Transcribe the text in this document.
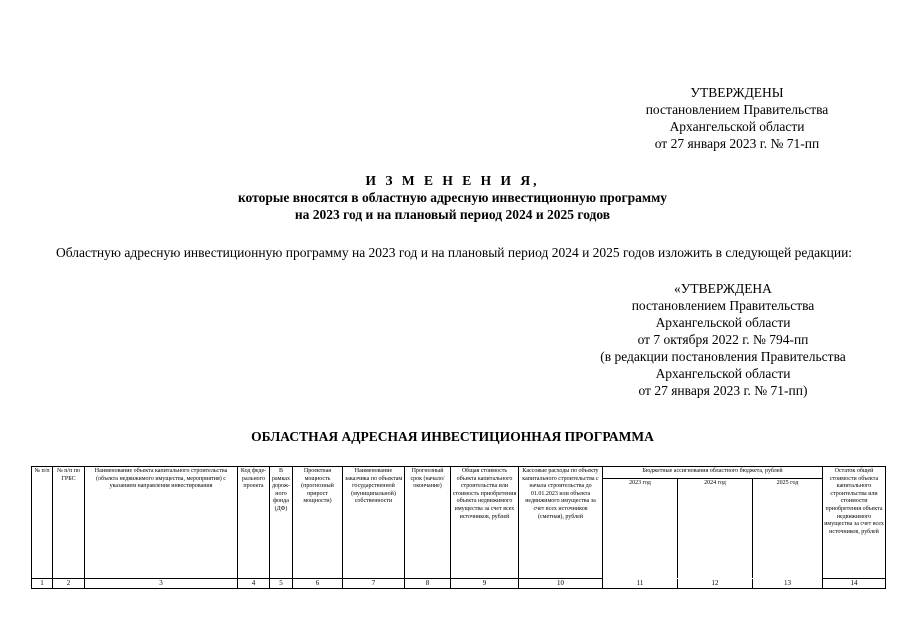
УТВЕРЖДЕНЫ
постановлением Правительства
Архангельской области
от 27 января 2023 г. № 71-пп
И З М Е Н Е Н И Я,
которые вносятся в областную адресную инвестиционную программу
на 2023 год и на плановый период 2024 и 2025 годов

Областную адресную инвестиционную программу на 2023 год и на плановый период 2024 и 2025 годов изложить в следующей редакции:

«УТВЕРЖДЕНА
постановлением Правительства
Архангельской области
от 7 октября 2022 г. № 794-пп
(в редакции постановления Правительства
Архангельской области
от 27 января 2023 г. № 71-пп)
ОБЛАСТНАЯ АДРЕСНАЯ ИНВЕСТИЦИОННАЯ ПРОГРАММА
№ п/п	№ п/п по ГРБС	Наименование объекта капитального строительства (объекта недвижимого имущества, мероприятия) с указанием направления инвестирования	Код феде-рального проекта	В рамках дорож-ного фонда (ДФ)	Проектная мощность (прогнозный прирост мощности)	Наименование заказчика по объектам государственной (муниципальной) собственности	Прогнозный срок (начало/окончание)	Общая стоимость объекта капитального строительства или стоимость приобретения объекта недвижимого имущества за счет всех источников, рублей	Кассовые расходы по объекту капитального строительства с начала строительства до 01.01.2023 или объекта недвижимого имущества за счет всех источников (сметная), рублей	Бюджетные ассигнования областного бюджета, рублей			Остаток общей стоимости объекта капитального строительства или стоимости приобретения объекта недвижимого имущества за счет всех источников, рублей
										2023 год	2024 год	2025 год	
1	2	3	4	5	6	7	8	9	10	11	12	13	14
